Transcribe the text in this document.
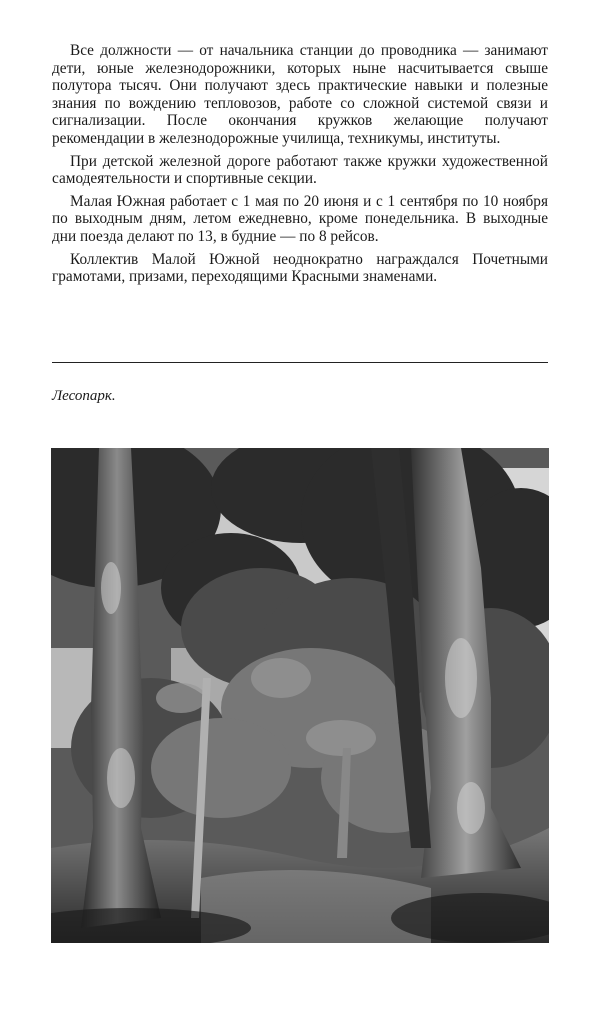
Все должности — от начальника станции до проводника — занимают дети, юные железнодорожники, которых ныне насчитывается свыше полутора тысяч. Они получают здесь практические навыки и полезные знания по вождению тепловозов, работе со сложной системой связи и сигнализации. После окончания кружков желающие получают рекомендации в железнодорожные училища, техникумы, институты.

При детской железной дороге работают также кружки художественной самодеятельности и спортивные секции.

Малая Южная работает с 1 мая по 20 июня и с 1 сентября по 10 ноября по выходным дням, летом ежедневно, кроме понедельника. В выходные дни поезда делают по 13, в будние — по 8 рейсов.

Коллектив Малой Южной неоднократно награждался Почетными грамотами, призами, переходящими Красными знаменами.

Лесопарк.
